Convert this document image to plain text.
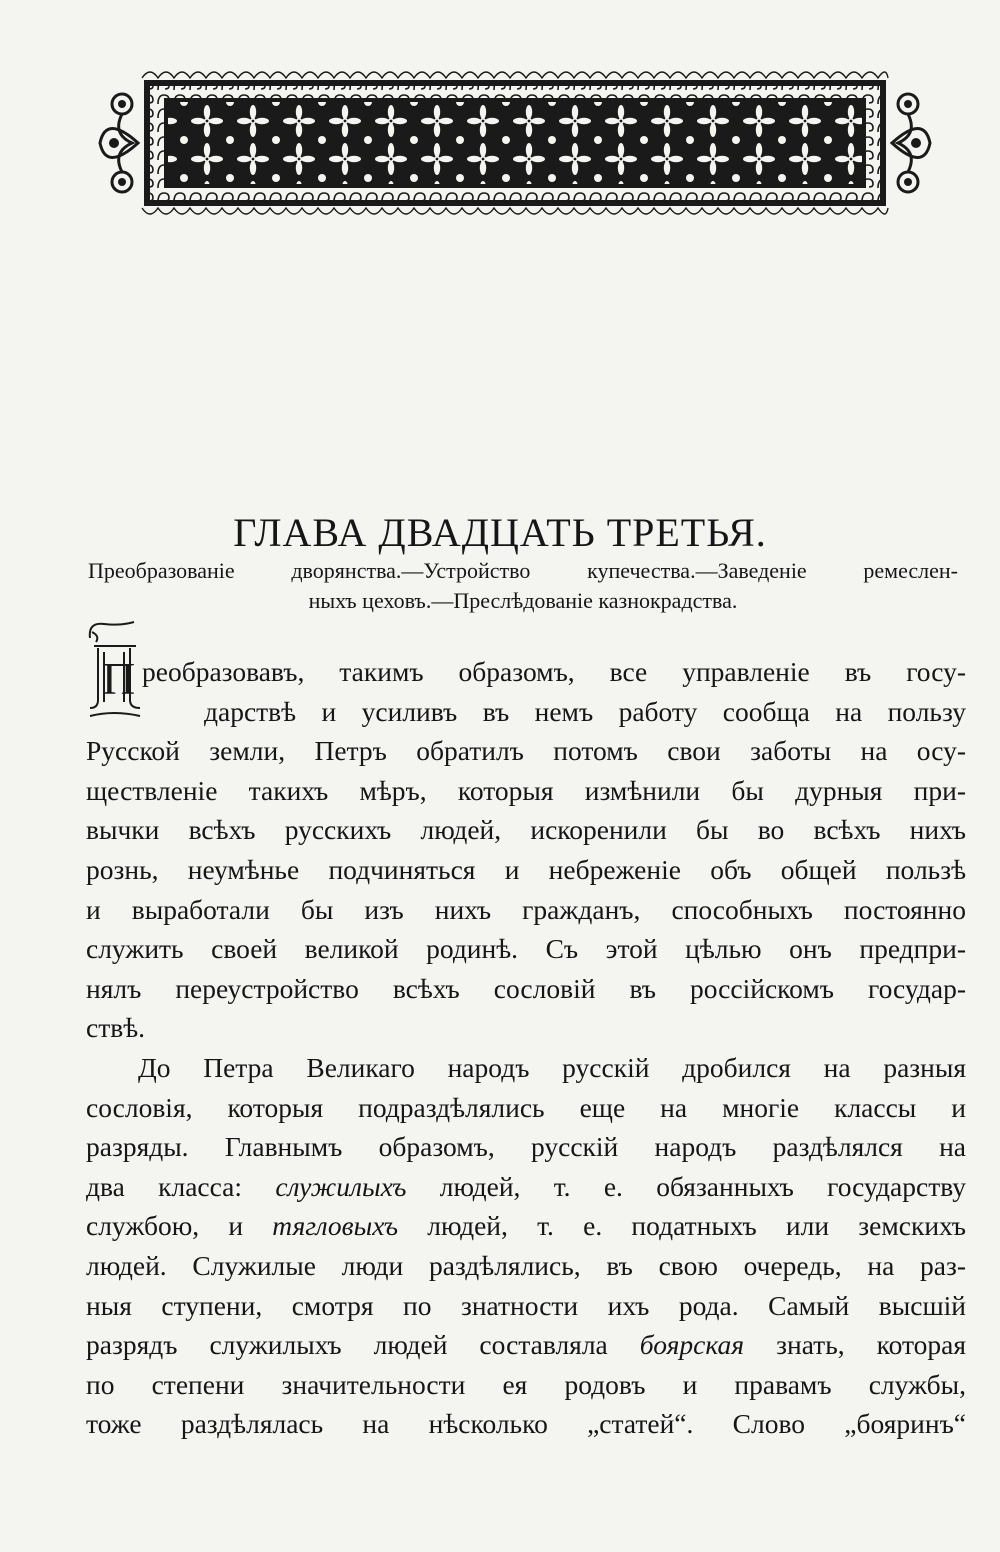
ГЛАВА ДВАДЦАТЬ ТРЕТЬЯ.
Преобразованіе дворянства.—Устройство купечества.—Заведеніе ремеслен-
ныхъ цеховъ.—Преслѣдованіе казнокрадства.
П реобразовавъ, такимъ образомъ, все управленіе въ госу-
дарствѣ и усиливъ въ немъ работу сообща на пользу
Русской земли, Петръ обратилъ потомъ свои заботы на осу-
ществленіе такихъ мѣръ, которыя измѣнили бы дурныя при-
вычки всѣхъ русскихъ людей, искоренили бы во всѣхъ нихъ
рознь, неумѣнье подчиняться и небреженіе объ общей пользѣ
и выработали бы изъ нихъ гражданъ, способныхъ постоянно
служить своей великой родинѣ. Съ этой цѣлью онъ предпри-
нялъ переустройство всѣхъ сословій въ россійскомъ государ-
ствѣ.
До Петра Великаго народъ русскій дробился на разныя
сословія, которыя подраздѣлялись еще на многіе классы и
разряды. Главнымъ образомъ, русскій народъ раздѣлялся на
два класса: служилыхъ людей, т. е. обязанныхъ государству
службою, и тягловыхъ людей, т. е. податныхъ или земскихъ
людей. Служилые люди раздѣлялись, въ свою очередь, на раз-
ныя ступени, смотря по знатности ихъ рода. Самый высшій
разрядъ служилыхъ людей составляла боярская знать, которая
по степени значительности ея родовъ и правамъ службы,
тоже раздѣлялась на нѣсколько „статей“. Слово „бояринъ“
